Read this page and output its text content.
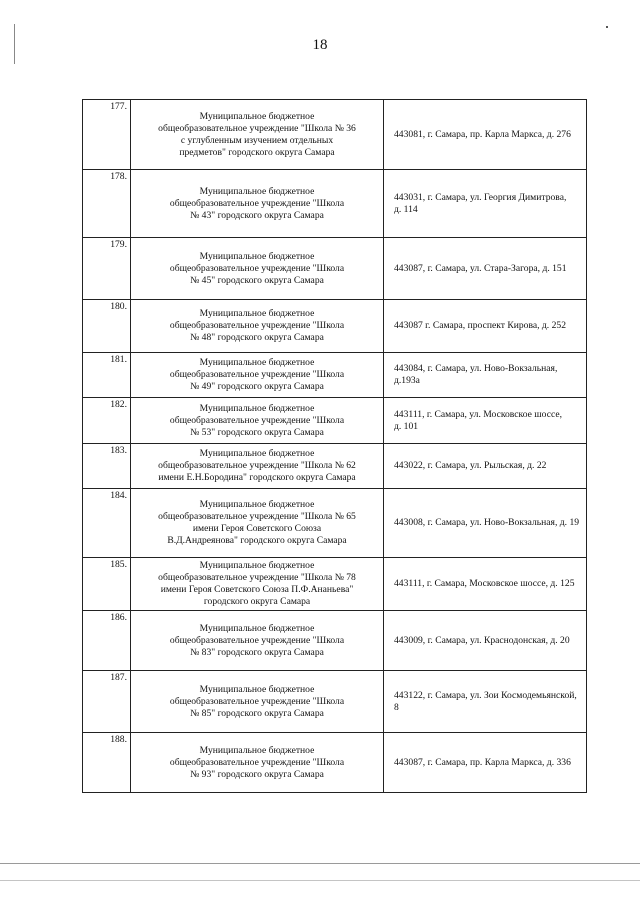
18
177.	Муниципальное бюджетное
общеобразовательное учреждение "Школа № 36
с углубленным изучением отдельных
предметов" городского округа Самара	443081, г. Самара, пр. Карла Маркса, д. 276

178.	Муниципальное бюджетное
общеобразовательное учреждение "Школа
№ 43" городского округа Самара	443031, г. Самара, ул. Георгия Димитрова,
д. 114

179.	Муниципальное бюджетное
общеобразовательное учреждение "Школа
№ 45" городского округа Самара	443087, г. Самара, ул. Стара-Загора, д. 151

180.	Муниципальное бюджетное
общеобразовательное учреждение "Школа
№ 48" городского округа Самара	443087 г. Самара, проспект Кирова, д. 252

181.	Муниципальное бюджетное
общеобразовательное учреждение "Школа
№ 49" городского округа Самара	443084, г. Самара, ул. Ново-Вокзальная, д.193а

182.	Муниципальное бюджетное
общеобразовательное учреждение "Школа
№ 53" городского округа Самара	443111, г. Самара, ул. Московское шоссе,
д. 101

183.	Муниципальное бюджетное
общеобразовательное учреждение "Школа № 62
имени Е.Н.Бородина" городского округа Самара	443022, г. Самара, ул. Рыльская, д. 22

184.	Муниципальное бюджетное
общеобразовательное учреждение "Школа № 65
имени Героя Советского Союза
В.Д.Андреянова" городского округа Самара	443008, г. Самара, ул. Ново-Вокзальная, д. 19

185.	Муниципальное бюджетное
общеобразовательное учреждение "Школа № 78
имени Героя Советского Союза П.Ф.Ананьева"
городского округа Самара	443111, г. Самара, Московское шоссе, д. 125

186.	Муниципальное бюджетное
общеобразовательное учреждение "Школа
№ 83" городского округа Самара	443009, г. Самара, ул. Краснодонская, д. 20

187.	Муниципальное бюджетное
общеобразовательное учреждение "Школа
№ 85" городского округа Самара	443122, г. Самара, ул. Зои Космодемьянской, 8

188.	Муниципальное бюджетное
общеобразовательное учреждение "Школа
№ 93" городского округа Самара	443087, г. Самара, пр. Карла Маркса, д. 336
